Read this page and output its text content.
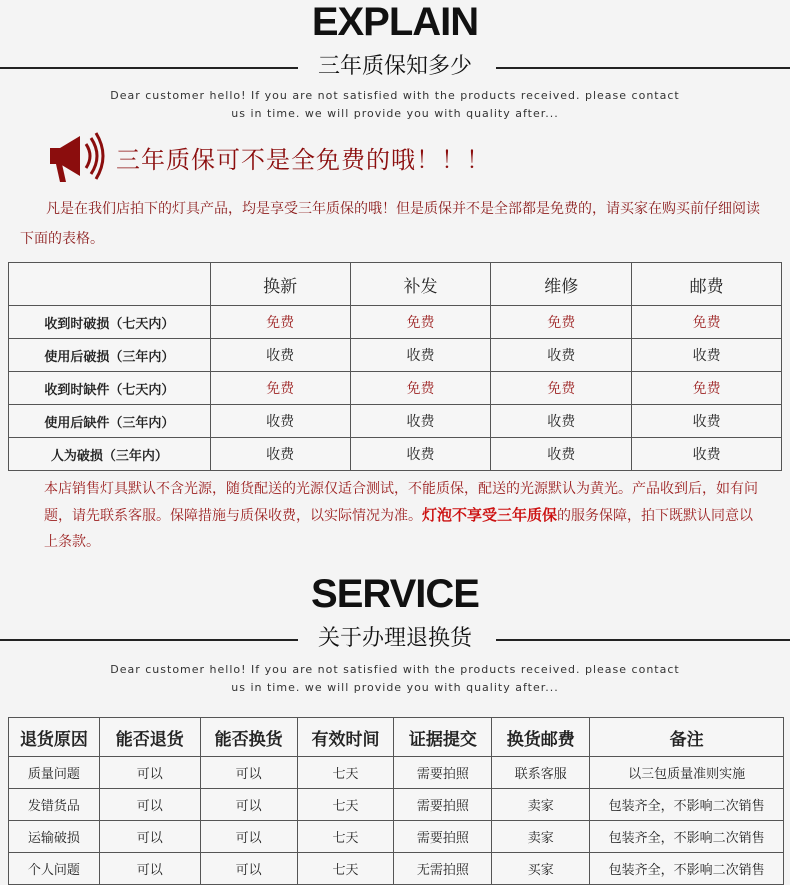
EXPLAIN
三年质保知多少
Dear customer hello! If you are not satisfied with the products received. please contact
us in time. we will provide you with quality after...
三年质保可不是全免费的哦！！！
凡是在我们店拍下的灯具产品，均是享受三年质保的哦！但是质保并不是全部都是免费的，请买家在购买前仔细阅读下面的表格。
	换新	补发	维修	邮费
收到时破损（七天内）	免费	免费	免费	免费
使用后破损（三年内）	收费	收费	收费	收费
收到时缺件（七天内）	免费	免费	免费	免费
使用后缺件（三年内）	收费	收费	收费	收费
人为破损（三年内）	收费	收费	收费	收费
本店销售灯具默认不含光源，随货配送的光源仅适合测试，不能质保，配送的光源默认为黄光。产品收到后，如有问题，请先联系客服。保障措施与质保收费，以实际情况为准。灯泡不享受三年质保的服务保障，拍下既默认同意以上条款。
SERVICE
关于办理退换货
Dear customer hello! If you are not satisfied with the products received. please contact
us in time. we will provide you with quality after...
退货原因	能否退货	能否换货	有效时间	证据提交	换货邮费	备注
质量问题	可以	可以	七天	需要拍照	联系客服	以三包质量准则实施
发错货品	可以	可以	七天	需要拍照	卖家	包装齐全，不影响二次销售
运输破损	可以	可以	七天	需要拍照	卖家	包装齐全，不影响二次销售
个人问题	可以	可以	七天	无需拍照	买家	包装齐全，不影响二次销售
